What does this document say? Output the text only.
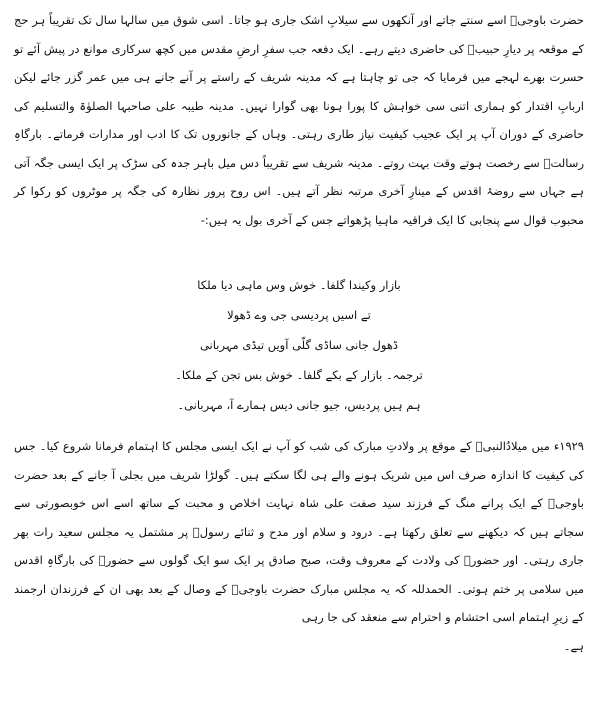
حضرت باوجیؒ اسے سنتے جاتے اور آنکھوں سے سیلابِ اشک جاری ہو جاتا۔ اسی شوق میں سالہا سال تک تقریباً ہر حج کے موقعہ پر دیارِ حبیبؐ کی حاضری دیتے رہے۔ ایک دفعہ جب سفرِ ارضِ مقدس میں کچھ سرکاری موانع در پیش آئے تو حسرت بھرے لہجے میں فرمایا کہ جی تو چاہتا ہے کہ مدینہ شریف کے راستے پر آنے جانے ہی میں عمر گزر جائے لیکن اربابِ اقتدار کو ہماری اتنی سی خواہش کا پورا ہونا بھی گوارا نہیں۔ مدینہ طیبہ علی صاحبہا الصلوٰۃ والتسلیم کی حاضری کے دوران آپ پر ایک عجیب کیفیت نیاز طاری رہتی۔ وہاں کے جانوروں تک کا ادب اور مدارات فرماتے۔ بارگاہِ رسالتؐ سے رخصت ہوتے وقت بہت روتے۔ مدینہ شریف سے تقریباً دس میل باہر جدہ کی سڑک پر ایک ایسی جگہ آتی ہے جہاں سے روضۂ اقدس کے مینارِ آخری مرتبہ نظر آتے ہیں۔ اس روح پرور نظارہ کی جگہ پر موٹروں کو رکوا کر محبوب قوال سے پنجابی کا ایک فراقیہ ماہیا پڑھواتے جس کے آخری بول یہ ہیں:-

بازار وکیندا گلفا۔ خوش وس ماہی دیا ملکا
تے اسیں پردیسی جی وے ڈھولا
ڈھول جانی ساڈی گلّی آویں تیڈی مہربانی
ترجمہ۔ بازار کے بکے گلفا۔ خوش بس تجن کے ملکا۔
ہم ہیں پردیس، جیو جانی دیس ہمارے آ، مہربانی۔

۱۹۲۹ء میں میلادُالنبیؐ کے موقع پر ولادتِ مبارک کی شب کو آپ نے ایک ایسی مجلس کا اہتمام فرمانا شروع کیا۔ جس کی کیفیت کا اندازہ صرف اس میں شریک ہونے والے ہی لگا سکتے ہیں۔ گولڑا شریف میں بجلی آ جانے کے بعد حضرت باوجیؒ کے ایک پرانے منگ کے فرزند سید صفت علی شاہ نہایت اخلاص و محبت کے ساتھ اسے اس خوبصورتی سے سجاتے ہیں کہ دیکھنے سے تعلق رکھتا ہے۔ درود و سلام اور مدح و ثنائے رسولؐ پر مشتمل یہ مجلس سعید رات بھر جاری رہتی۔ اور حضورؐ کی ولادت کے معروف وقت، صبح صادق پر ایک سو ایک گولوں سے حضورؐ کی بارگاہِ اقدس میں سلامی پر ختم ہوتی۔ الحمدللہ کہ یہ مجلس مبارک حضرت باوجیؒ کے وصال کے بعد بھی ان کے فرزندان ارجمند کے زیرِ اہتمام اسی احتشام و احترام سے منعقد کی جا رہی

ہے۔
